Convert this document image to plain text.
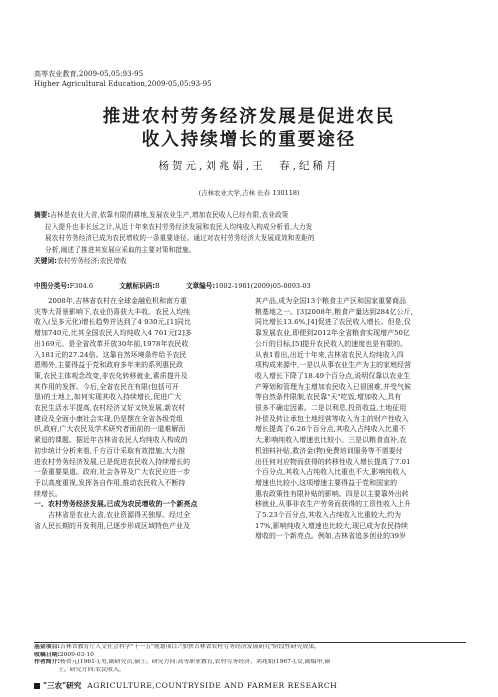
高等农业教育,2009-05,05:93-95
Higher Agricultural Education,2009-05,05:93-95
推进农村劳务经济发展是促进农民
收入持续增长的重要途径
杨贺元,刘兆娟,王　春,纪稀月
(吉林农业大学,吉林 长春 130118)
摘要:吉林是农业大省,依靠有限的耕地,发展农业生产,增加农民收入已经有限,农业政策
拉入提升也非长远之计,从近十年来农村劳务经济发展和农民人均纯收入构成分析看,大力发
展农村劳务经济已成为农民增收的一条重要途径。通过对农村劳务经济大发展成效和差距的
分析,阐述了推进其发展应采取的主要对策和措施。
关键词:农村劳务经济;农民增收
中图分类号:F304.6	文献标识码:B	文章编号:1002-1981(2009)05-0093-03
　　2008年,吉林省农村在全球金融危机和南方重
灾等大背景影响下,农业仍喜获大丰收。农民人均纯
收入(呈多元化)增长趋势并达到了4 930元,[1]同比
增加740元,比其全国农民人均纯收入4 761元[2]多
出169元。是全省改革开放30年前,1978年农民收
入181元的27.24倍。这靠自然环境条件给予农民
恩赐外,主要得益于党和政府多年来的系列惠民政
策,农民主体观念改变,非农化转移就业,素质提升及
其作用的发挥。今后,全省农民在有限(包括可开
垦)的土地上,如何实现其收入持续增长,促进广大
农民生活水平提高,农村经济又好又快发展,新农村
建设及全面小康社会实现,仍是摆在全省各级党组
织,政府,广大农民及学术研究者面前的一道难解而
紧迫的课题。据近年吉林省农民人均纯收入构成的
初步统计分析来看,千方百计采取有效措施,大力推
进农村劳务经济发展,已是促进农民收入持续增长的
一条重要渠道。政府,社会各界及广大农民应进一步
予以高度重视,发挥各自作用,推动农民收入不断持
续增长。
一、农村劳务经济发展,已成为农民增收的一个新亮点
　　吉林省是农业大省,农业资源得天独厚。经过全
省人民长期的开发利用,已逐步形成区域特色产业及
其产品,成为全国13个粮食主产区和国家重要商品
粮基地之一。[3]2008年,粮食产量达到284亿公斤,
同比增长13.6%,[4]促进了农民收入增长。但是,仅
靠发展农业,即便到2012年全省粮食实现增产50亿
公斤的目标,[5]提升农民收入的速度也是有限的。
从表1看出,出近十年来,吉林省农民人均纯收入四
项构成来源中,一是以从事农业生产为主的家庭经营
收入增长下降了18.49个百分点,说明仅靠以农业生
产筹划和管理为主增加农民收入已很困难,并受气候
等自然条件限制,农民靠"天"吃饭,增加收入,具有
很多不确定因素。二是以利息,投资收益,土地征用
补偿及转让承包土地经营等收入为主的财产性收入
增长提高了6.26个百分点,其收入占纯收入比重不
大,影响纯收入增速也比较小。三是以粮食直补,农
机油料补贴,救济金(物)免费培训服务等不需要付
出任何对应物而获得的转移性收入增长提高了7.01
个百分点,其收入占纯收入比重也不大,影响纯收入
增速也比较小,这项增速主要得益于党和国家的
惠农政策性有限补贴的影响。四是以主要靠外出转
移就业,从事非农生产劳务而获得的工资性收入上升
了5.23个百分点,其收入占纯收入比重较大,约为
17%,影响纯收入增速也比较大,现已成为农民持续
增收的一个新亮点。例如,吉林省追多创业的39岁
基金项目:吉林省教育厅人文社会科学"十一五"规划项目:"加快吉林省农村劳务经济发展研究"阶段性研究成果。
收稿日期:2009-03-10
作者简介:杨贺元(1961-),男,副研究员,硕士。研究方向:高等职业教育,农村劳务经济。刘兆娟(1967-),女,副编审,硕
士。研究方向:农民收入。
"三农"研究 AGRICULTURE,COUNTRYSIDE AND FARMER RESEARCH
